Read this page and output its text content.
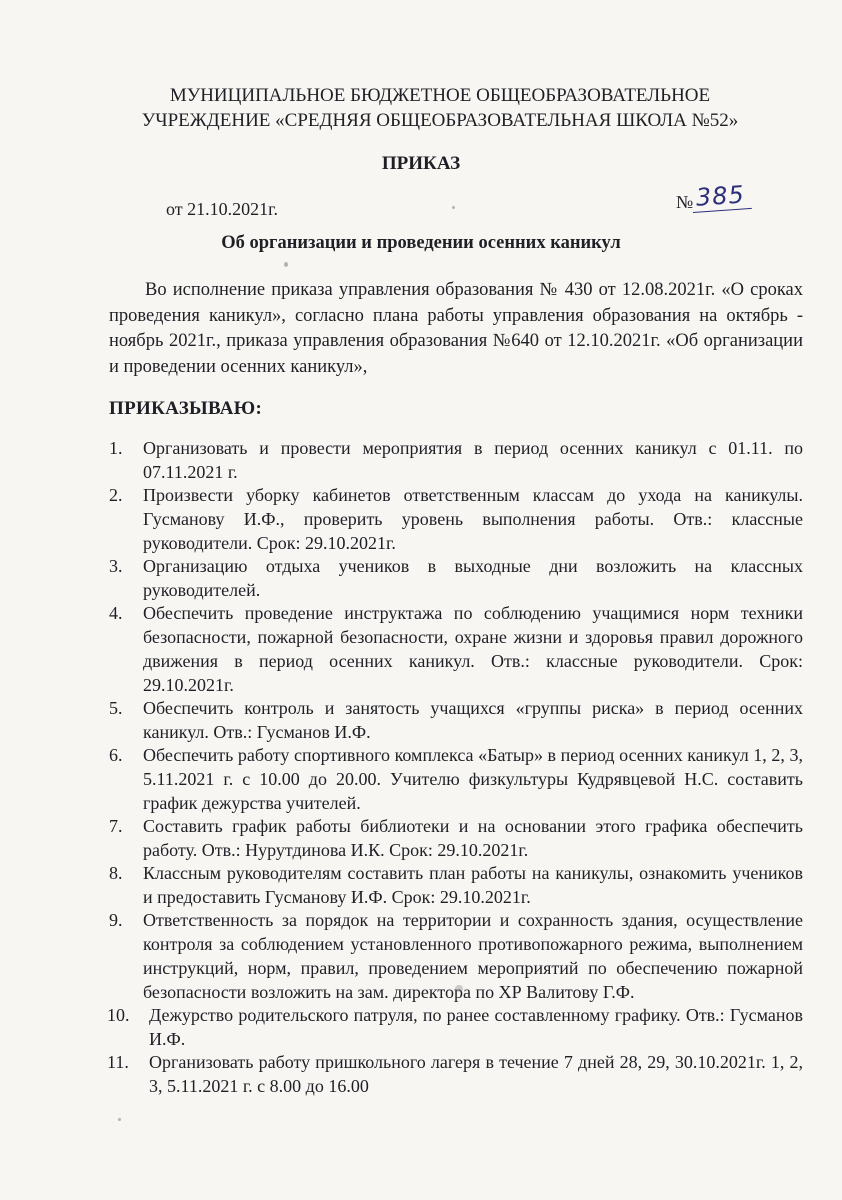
МУНИЦИПАЛЬНОЕ БЮДЖЕТНОЕ ОБЩЕОБРАЗОВАТЕЛЬНОЕ
УЧРЕЖДЕНИЕ «СРЕДНЯЯ ОБЩЕОБРАЗОВАТЕЛЬНАЯ ШКОЛА №52»
ПРИКАЗ
от 21.10.2021г.	№385
Об организации и проведении осенних каникул

Во исполнение приказа управления образования № 430 от 12.08.2021г. «О сроках проведения каникул», согласно плана работы управления образования на октябрь - ноябрь 2021г., приказа управления образования №640 от 12.10.2021г. «Об организации и проведении осенних каникул»,

ПРИКАЗЫВАЮ:

1. Организовать и провести мероприятия в период осенних каникул с 01.11. по 07.11.2021 г.
2. Произвести уборку кабинетов ответственным классам до ухода на каникулы. Гусманову И.Ф., проверить уровень выполнения работы. Отв.: классные руководители. Срок: 29.10.2021г.
3. Организацию отдыха учеников в выходные дни возложить на классных руководителей.
4. Обеспечить проведение инструктажа по соблюдению учащимися норм техники безопасности, пожарной безопасности, охране жизни и здоровья правил дорожного движения в период осенних каникул. Отв.: классные руководители. Срок: 29.10.2021г.
5. Обеспечить контроль и занятость учащихся «группы риска» в период осенних каникул. Отв.: Гусманов И.Ф.
6. Обеспечить работу спортивного комплекса «Батыр» в период осенних каникул 1, 2, 3, 5.11.2021 г. с 10.00 до 20.00. Учителю физкультуры Кудрявцевой Н.С. составить график дежурства учителей.
7. Составить график работы библиотеки и на основании этого графика обеспечить работу. Отв.: Нурутдинова И.К. Срок: 29.10.2021г.
8. Классным руководителям составить план работы на каникулы, ознакомить учеников и предоставить Гусманову И.Ф. Срок: 29.10.2021г.
9. Ответственность за порядок на территории и сохранность здания, осуществление контроля за соблюдением установленного противопожарного режима, выполнением инструкций, норм, правил, проведением мероприятий по обеспечению пожарной безопасности возложить на зам. директора по ХР Валитову Г.Ф.
10. Дежурство родительского патруля, по ранее составленному графику. Отв.: Гусманов И.Ф.
11. Организовать работу пришкольного лагеря в течение 7 дней 28, 29, 30.10.2021г. 1, 2, 3, 5.11.2021 г. с 8.00 до 16.00
